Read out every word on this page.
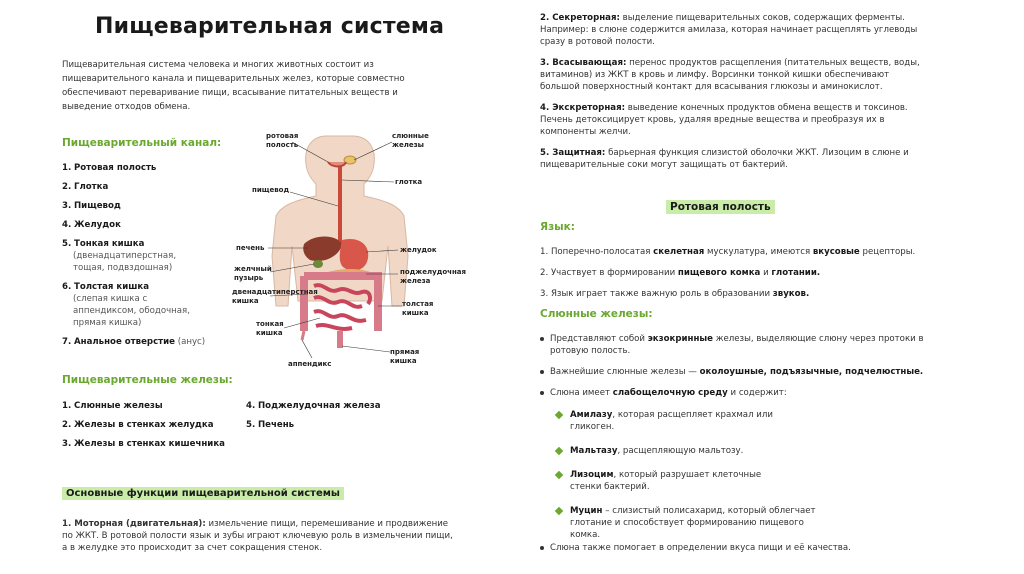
Пищеварительная система
Пищеварительная система человека и многих животных состоит из пищеварительного канала и пищеварительных желез, которые совместно обеспечивают переваривание пищи, всасывание питательных веществ и выведение отходов обмена.
Пищеварительный канал:
1. Ротовая полость
2. Глотка
3. Пищевод
4. Желудок
5. Тонкая кишка
(двенадцатиперстная, тощая, подвздошная)
6. Толстая кишка
(слепая кишка с аппендиксом, ободочная, прямая кишка)
7. Анальное отверстие (анус)
ротовая полость
слюнные железы
глотка
пищевод
печень	желудок
желчный пузырь
поджелудочная железа
двенадцатиперстная кишка	толстая кишка
тонкая кишка
аппендикс
прямая кишка
Пищеварительные железы:
1. Слюнные железы
2. Железы в стенках желудка
3. Железы в стенках кишечника
4. Поджелудочная железа
5. Печень
Основные функции пищеварительной системы
1. Моторная (двигательная): измельчение пищи, перемешивание и продвижение по ЖКТ. В ротовой полости язык и зубы играют ключевую роль в измельчении пищи, а в желудке это происходит за счет сокращения стенок.
2. Секреторная: выделение пищеварительных соков, содержащих ферменты. Например: в слюне содержится амилаза, которая начинает расщеплять углеводы сразу в ротовой полости.
3. Всасывающая: перенос продуктов расщепления (питательных веществ, воды, витаминов) из ЖКТ в кровь и лимфу. Ворсинки тонкой кишки обеспечивают большой поверхностный контакт для всасывания глюкозы и аминокислот.
4. Экскреторная: выведение конечных продуктов обмена веществ и токсинов. Печень детоксицирует кровь, удаляя вредные вещества и преобразуя их в компоненты желчи.
5. Защитная: барьерная функция слизистой оболочки ЖКТ. Лизоцим в слюне и пищеварительные соки могут защищать от бактерий.
Ротовая полость
Язык:
1. Поперечно-полосатая скелетная мускулатура, имеются вкусовые рецепторы.
2. Участвует в формировании пищевого комка и глотании.
3. Язык играет также важную роль в образовании звуков.
Слюнные железы:
Представляют собой экзокринные железы, выделяющие слюну через протоки в ротовую полость.
Важнейшие слюнные железы — околоушные, подъязычные, подчелюстные.
Слюна имеет слабощелочную среду и содержит:
Амилазу, которая расщепляет крахмал или гликоген.
Мальтазу, расщепляющую мальтозу.
Лизоцим, который разрушает клеточные стенки бактерий.
Муцин – слизистый полисахарид, который облегчает глотание и способствует формированию пищевого комка.
Слюна также помогает в определении вкуса пищи и её качества.
